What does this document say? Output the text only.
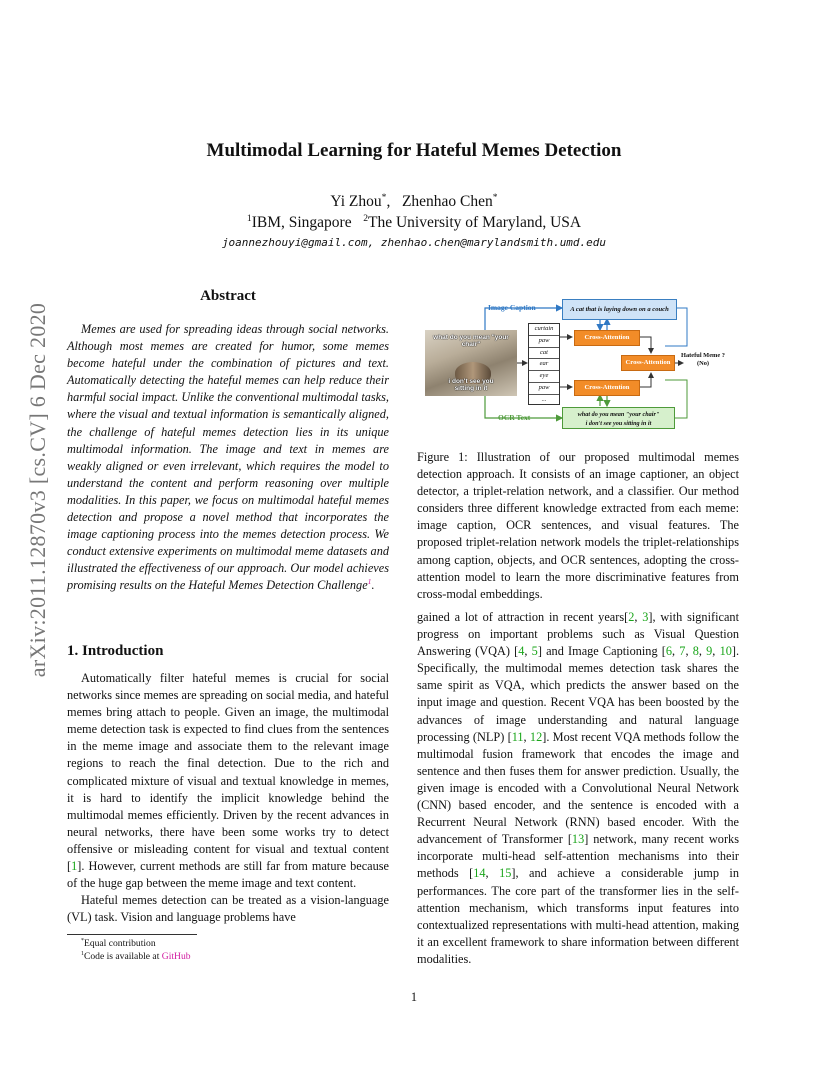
arXiv:2011.12870v3 [cs.CV] 6 Dec 2020
Multimodal Learning for Hateful Memes Detection
Yi Zhou*,   Zhenhao Chen*
$^1$IBM, Singapore $^2$The University of Maryland, USA
joannezhouyi@gmail.com, zhenhao.chen@marylandsmith.umd.edu
Abstract

Memes are used for spreading ideas through social networks. Although most memes are created for humor, some memes become hateful under the combination of pictures and text. Automatically detecting the hateful memes can help reduce their harmful social impact. Unlike the conventional multimodal tasks, where the visual and textual information is semantically aligned, the challenge of hateful memes detection lies in its unique multimodal information. The image and text in memes are weakly aligned or even irrelevant, which requires the model to understand the content and perform reasoning over multiple modalities. In this paper, we focus on multimodal hateful memes detection and propose a novel method that incorporates the image captioning process into the memes detection process. We conduct extensive experiments on multimodal meme datasets and illustrated the effectiveness of our approach. Our model achieves promising results on the Hateful Memes Detection Challenge$^1$.

1. Introduction

Automatically filter hateful memes is crucial for social networks since memes are spreading on social media, and hateful memes bring attach to people. Given an image, the multimodal meme detection task is expected to find clues from the sentences in the meme image and associate them to the relevant image regions to reach the final detection. Due to the rich and complicated mixture of visual and textual knowledge in memes, it is hard to identify the implicit knowledge behind the multimodal memes efficiently. Driven by the recent advances in neural networks, there have been some works try to detect offensive or misleading content for visual and textual content [1]. However, current methods are still far from mature because of the huge gap between the meme image and text content.

Hateful memes detection can be treated as a vision-language (VL) task. Vision and language problems have

*Equal contribution
$^1$Code is available at GitHub
Image Caption
OCR Text
what do you mean "your chair"
i don't see you sitting in it
curtain
paw
cat
ear
eye
paw
...
A cat that is laying down on a couch
what do you mean "your chair"
i don't see you sitting in it
Cross-Attention
Cross-Attention
Cross-Attention
Hateful Meme ?
(No)
Figure 1: Illustration of our proposed multimodal memes detection approach. It consists of an image captioner, an object detector, a triplet-relation network, and a classifier. Our method considers three different knowledge extracted from each meme: image caption, OCR sentences, and visual features. The proposed triplet-relation network models the triplet-relationships among caption, objects, and OCR sentences, adopting the cross-attention model to learn the more discriminative features from cross-modal embeddings.

gained a lot of attraction in recent years[2, 3], with significant progress on important problems such as Visual Question Answering (VQA) [4, 5] and Image Captioning [6, 7, 8, 9, 10]. Specifically, the multimodal memes detection task shares the same spirit as VQA, which predicts the answer based on the input image and question. Recent VQA has been boosted by the advances of image understanding and natural language processing (NLP) [11, 12]. Most recent VQA methods follow the multimodal fusion framework that encodes the image and sentence and then fuses them for answer prediction. Usually, the given image is encoded with a Convolutional Neural Network (CNN) based encoder, and the sentence is encoded with a Recurrent Neural Network (RNN) based encoder. With the advancement of Transformer [13] network, many recent works incorporate multi-head self-attention mechanisms into their methods [14, 15], and achieve a considerable jump in performances. The core part of the transformer lies in the self-attention mechanism, which transforms input features into contextualized representations with multi-head attention, making it an excellent framework to share information between different modalities.

1
